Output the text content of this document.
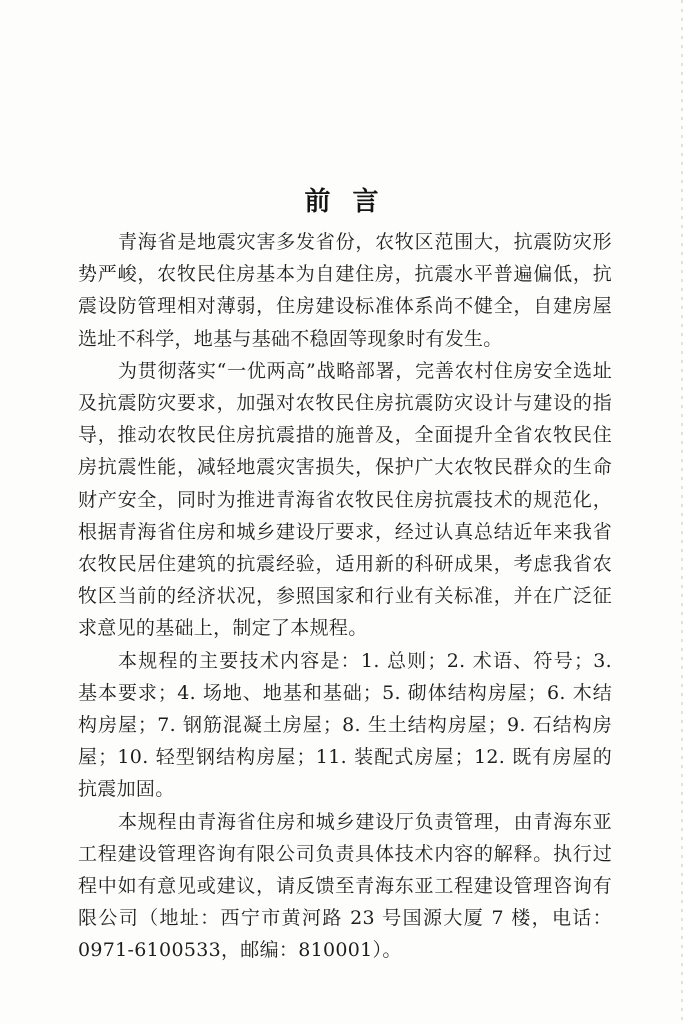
前言

青海省是地震灾害多发省份，农牧区范围大，抗震防灾形势严峻，农牧民住房基本为自建住房，抗震水平普遍偏低，抗震设防管理相对薄弱，住房建设标准体系尚不健全，自建房屋选址不科学，地基与基础不稳固等现象时有发生。

为贯彻落实“一优两高”战略部署，完善农村住房安全选址及抗震防灾要求，加强对农牧民住房抗震防灾设计与建设的指导，推动农牧民住房抗震措的施普及，全面提升全省农牧民住房抗震性能，减轻地震灾害损失，保护广大农牧民群众的生命财产安全，同时为推进青海省农牧民住房抗震技术的规范化，根据青海省住房和城乡建设厅要求，经过认真总结近年来我省农牧民居住建筑的抗震经验，适用新的科研成果，考虑我省农牧区当前的经济状况，参照国家和行业有关标准，并在广泛征求意见的基础上，制定了本规程。

本规程的主要技术内容是：1. 总则；2. 术语、符号；3. 基本要求；4. 场地、地基和基础；5. 砌体结构房屋；6. 木结构房屋；7. 钢筋混凝土房屋；8. 生土结构房屋；9. 石结构房屋；10. 轻型钢结构房屋；11. 装配式房屋；12. 既有房屋的抗震加固。

本规程由青海省住房和城乡建设厅负责管理，由青海东亚工程建设管理咨询有限公司负责具体技术内容的解释。执行过程中如有意见或建议，请反馈至青海东亚工程建设管理咨询有限公司（地址：西宁市黄河路 23 号国源大厦 7 楼，电话：0971-6100533，邮编：810001）。
